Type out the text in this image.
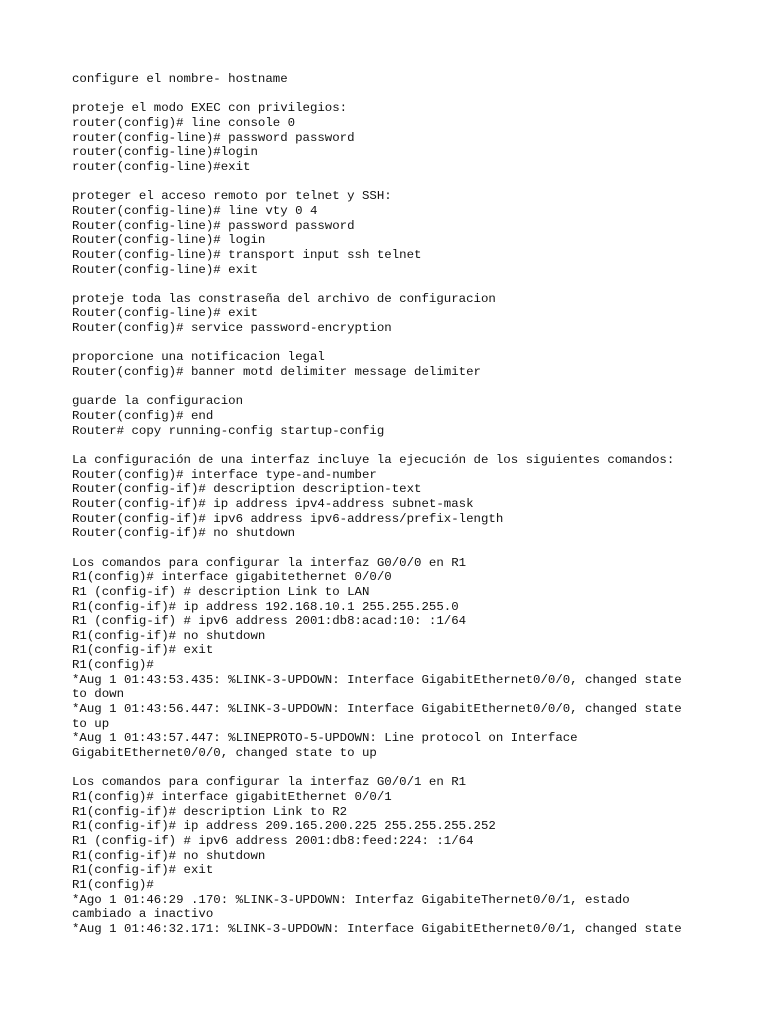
configure el nombre- hostname
proteje el modo EXEC con privilegios:
router(config)# line console 0
router(config-line)# password password
router(config-line)#login
router(config-line)#exit
proteger el acceso remoto por telnet y SSH:
Router(config-line)# line vty 0 4
Router(config-line)# password password
Router(config-line)# login
Router(config-line)# transport input ssh telnet
Router(config-line)# exit
proteje toda las constraseña del archivo de configuracion
Router(config-line)# exit
Router(config)# service password-encryption
proporcione una notificacion legal
Router(config)# banner motd delimiter message delimiter
guarde la configuracion
Router(config)# end
Router# copy running-config startup-config
La configuración de una interfaz incluye la ejecución de los siguientes comandos:
Router(config)# interface type-and-number
Router(config-if)# description description-text
Router(config-if)# ip address ipv4-address subnet-mask
Router(config-if)# ipv6 address ipv6-address/prefix-length
Router(config-if)# no shutdown
Los comandos para configurar la interfaz G0/0/0 en R1
R1(config)# interface gigabitethernet 0/0/0
R1 (config-if) # description Link to LAN
R1(config-if)# ip address 192.168.10.1 255.255.255.0
R1 (config-if) # ipv6 address 2001:db8:acad:10: :1/64
R1(config-if)# no shutdown
R1(config-if)# exit
R1(config)#
*Aug 1 01:43:53.435: %LINK-3-UPDOWN: Interface GigabitEthernet0/0/0, changed state
to down
*Aug 1 01:43:56.447: %LINK-3-UPDOWN: Interface GigabitEthernet0/0/0, changed state
to up
*Aug 1 01:43:57.447: %LINEPROTO-5-UPDOWN: Line protocol on Interface
GigabitEthernet0/0/0, changed state to up
Los comandos para configurar la interfaz G0/0/1 en R1
R1(config)# interface gigabitEthernet 0/0/1
R1(config-if)# description Link to R2
R1(config-if)# ip address 209.165.200.225 255.255.255.252
R1 (config-if) # ipv6 address 2001:db8:feed:224: :1/64
R1(config-if)# no shutdown
R1(config-if)# exit
R1(config)#
*Ago 1 01:46:29 .170: %LINK-3-UPDOWN: Interfaz GigabiteThernet0/0/1, estado
cambiado a inactivo
*Aug 1 01:46:32.171: %LINK-3-UPDOWN: Interface GigabitEthernet0/0/1, changed state
